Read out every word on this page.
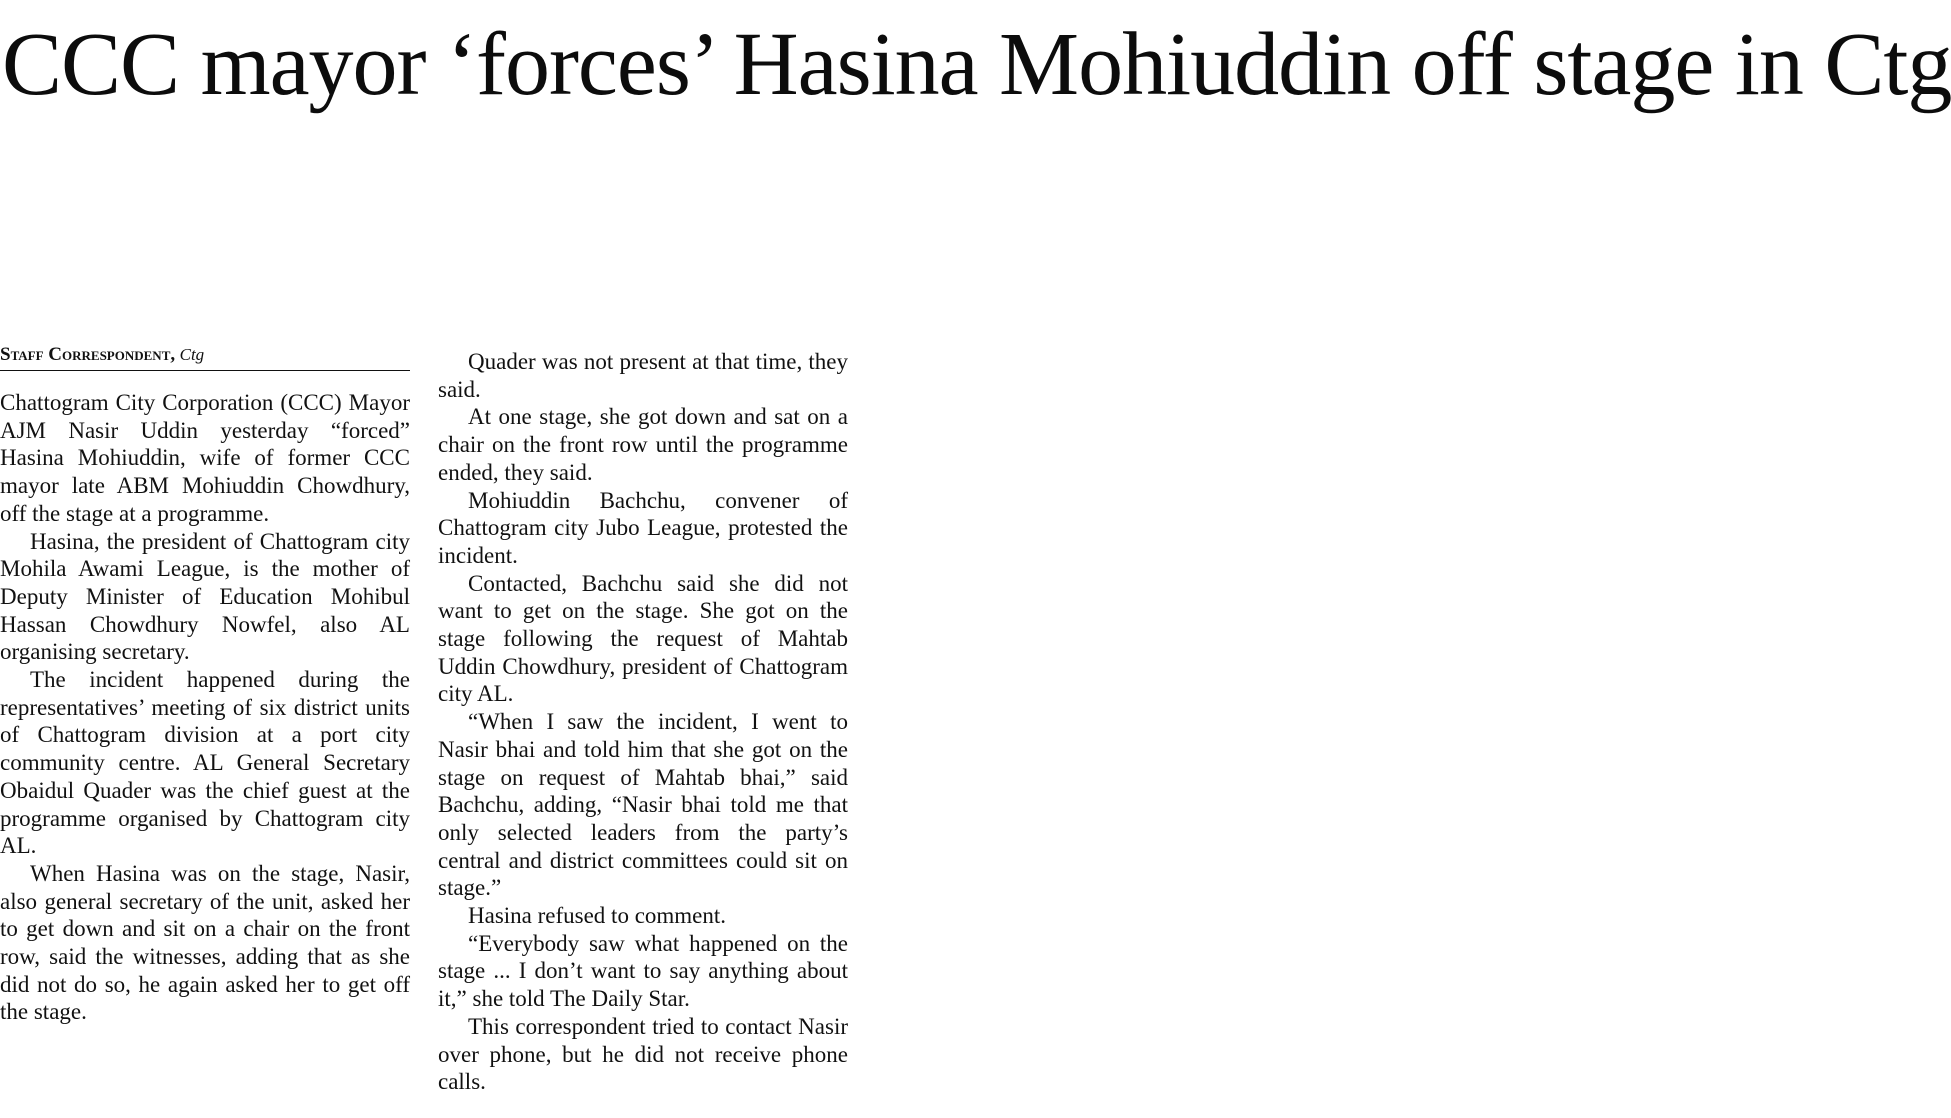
CCC mayor ‘forces’ Hasina Mohiuddin off stage in Ctg
Staff Correspondent, Ctg

Chattogram City Corporation (CCC) Mayor AJM Nasir Uddin yesterday “forced” Hasina Mohiuddin, wife of former CCC mayor late ABM Mohiuddin Chowdhury, off the stage at a programme.

Hasina, the president of Chattogram city Mohila Awami League, is the mother of Deputy Minister of Education Mohibul Hassan Chowdhury Nowfel, also AL organising secretary.

The incident happened during the representatives’ meeting of six district units of Chattogram division at a port city community centre. AL General Secretary Obaidul Quader was the chief guest at the programme organised by Chattogram city AL.

When Hasina was on the stage, Nasir, also general secretary of the unit, asked her to get down and sit on a chair on the front row, said the witnesses, adding that as she did not do so, he again asked her to get off the stage.

Quader was not present at that time, they said.

At one stage, she got down and sat on a chair on the front row until the programme ended, they said.

Mohiuddin Bachchu, convener of Chattogram city Jubo League, protested the incident.

Contacted, Bachchu said she did not want to get on the stage. She got on the stage following the request of Mahtab Uddin Chowdhury, president of Chattogram city AL.

“When I saw the incident, I went to Nasir bhai and told him that she got on the stage on request of Mahtab bhai,” said Bachchu, adding, “Nasir bhai told me that only selected leaders from the party’s central and district committees could sit on stage.”

Hasina refused to comment.

“Everybody saw what happened on the stage ... I don’t want to say anything about it,” she told The Daily Star.

This correspondent tried to contact Nasir over phone, but he did not receive phone calls.
